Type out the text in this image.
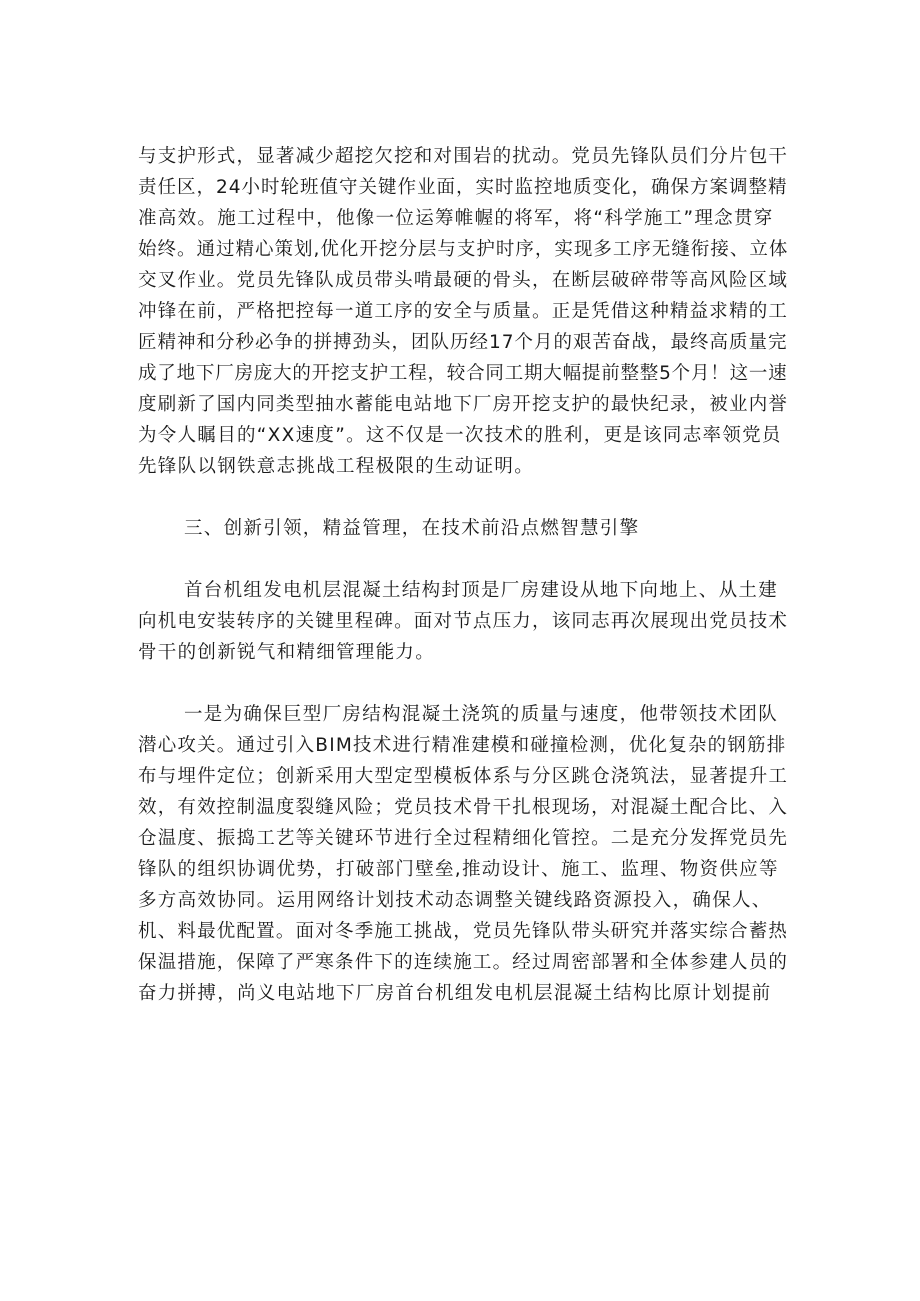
与支护形式，显著减少超挖欠挖和对围岩的扰动。党员先锋队员们分片包干
责任区，24小时轮班值守关键作业面，实时监控地质变化，确保方案调整精
准高效。施工过程中，他像一位运筹帷幄的将军，将“科学施工”理念贯穿
始终。通过精心策划,优化开挖分层与支护时序，实现多工序无缝衔接、立体
交叉作业。党员先锋队成员带头啃最硬的骨头，在断层破碎带等高风险区域
冲锋在前，严格把控每一道工序的安全与质量。正是凭借这种精益求精的工
匠精神和分秒必争的拼搏劲头，团队历经17个月的艰苦奋战，最终高质量完
成了地下厂房庞大的开挖支护工程，较合同工期大幅提前整整5个月！这一速
度刷新了国内同类型抽水蓄能电站地下厂房开挖支护的最快纪录，被业内誉
为令人瞩目的“XX速度”。这不仅是一次技术的胜利，更是该同志率领党员
先锋队以钢铁意志挑战工程极限的生动证明。
三、创新引领，精益管理，在技术前沿点燃智慧引擎
首台机组发电机层混凝土结构封顶是厂房建设从地下向地上、从土建
向机电安装转序的关键里程碑。面对节点压力，该同志再次展现出党员技术
骨干的创新锐气和精细管理能力。
一是为确保巨型厂房结构混凝土浇筑的质量与速度，他带领技术团队
潜心攻关。通过引入BIM技术进行精准建模和碰撞检测，优化复杂的钢筋排
布与埋件定位；创新采用大型定型模板体系与分区跳仓浇筑法，显著提升工
效，有效控制温度裂缝风险；党员技术骨干扎根现场，对混凝土配合比、入
仓温度、振捣工艺等关键环节进行全过程精细化管控。二是充分发挥党员先
锋队的组织协调优势，打破部门壁垒,推动设计、施工、监理、物资供应等
多方高效协同。运用网络计划技术动态调整关键线路资源投入，确保人、
机、料最优配置。面对冬季施工挑战，党员先锋队带头研究并落实综合蓄热
保温措施，保障了严寒条件下的连续施工。经过周密部署和全体参建人员的
奋力拼搏，尚义电站地下厂房首台机组发电机层混凝土结构比原计划提前
